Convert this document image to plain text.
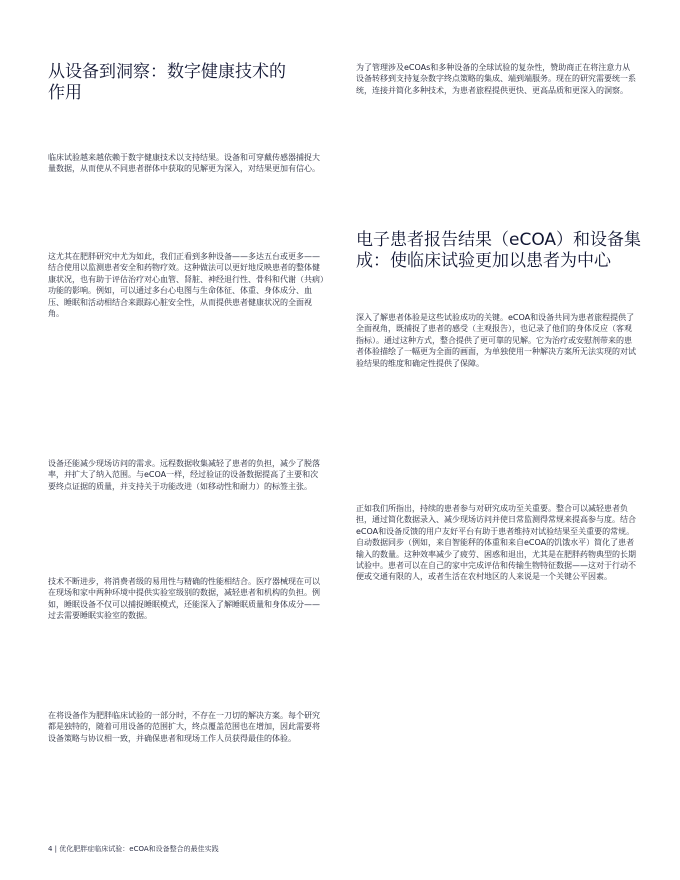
从设备到洞察：数字健康技术的作用

临床试验越来越依赖于数字健康技术以支持结果。设备和可穿戴传感器捕捉大量数据，从而使从不同患者群体中获取的见解更为深入，对结果更加有信心。

这尤其在肥胖研究中尤为如此，我们正看到多种设备——多达五台或更多——结合使用以监测患者安全和药物疗效。这种做法可以更好地反映患者的整体健康状况，也有助于评估治疗对心血管、肾脏、神经退行性、骨科和代谢（共病）功能的影响。例如，可以通过多台心电图与生命体征、体重、身体成分、血压、睡眠和活动相结合来跟踪心脏安全性，从而提供患者健康状况的全面视角。

设备还能减少现场访问的需求。远程数据收集减轻了患者的负担，减少了脱落率，并扩大了纳入范围。与eCOA一样，经过验证的设备数据提高了主要和次要终点证据的质量，并支持关于功能改进（如移动性和耐力）的标签主张。

技术不断进步，将消费者级的易用性与精确的性能相结合。医疗器械现在可以在现场和家中两种环境中提供实验室级别的数据，减轻患者和机构的负担。例如，睡眠设备不仅可以捕捉睡眠模式，还能深入了解睡眠质量和身体成分——过去需要睡眠实验室的数据。

在将设备作为肥胖临床试验的一部分时，不存在一刀切的解决方案。每个研究都是独特的，随着可用设备的范围扩大，终点覆盖范围也在增加，因此需要将设备策略与协议相一致，并确保患者和现场工作人员获得最佳的体验。

为了管理涉及eCOAs和多种设备的全球试验的复杂性，赞助商正在将注意力从设备转移到支持复杂数字终点策略的集成、端到端服务。现在的研究需要统一系统，连接并简化多种技术，为患者旅程提供更快、更高品质和更深入的洞察。

电子患者报告结果（eCOA）和设备集成：使临床试验更加以患者为中心

深入了解患者体验是这些试验成功的关键。eCOA和设备共同为患者旅程提供了全面视角，既捕捉了患者的感受（主观报告），也记录了他们的身体反应（客观指标）。通过这种方式，整合提供了更可靠的见解。它为治疗或安慰剂带来的患者体验描绘了一幅更为全面的画面，为单独使用一种解决方案所无法实现的对试验结果的维度和确定性提供了保障。

正如我们所指出，持续的患者参与对研究成功至关重要。整合可以减轻患者负担，通过简化数据录入、减少现场访问并使日常监测得常规来提高参与度。结合eCOA和设备反馈的用户友好平台有助于患者维持对试验结果至关重要的常规。自动数据同步（例如，来自智能秤的体重和来自eCOA的饥饿水平）简化了患者输入的数量。这种效率减少了疲劳、困惑和退出，尤其是在肥胖药物典型的长期试验中。患者可以在自己的家中完成评估和传输生物特征数据——这对于行动不便或交通有限的人，或者生活在农村地区的人来说是一个关键公平因素。

4 | 优化肥胖症临床试验：eCOA和设备整合的最佳实践
